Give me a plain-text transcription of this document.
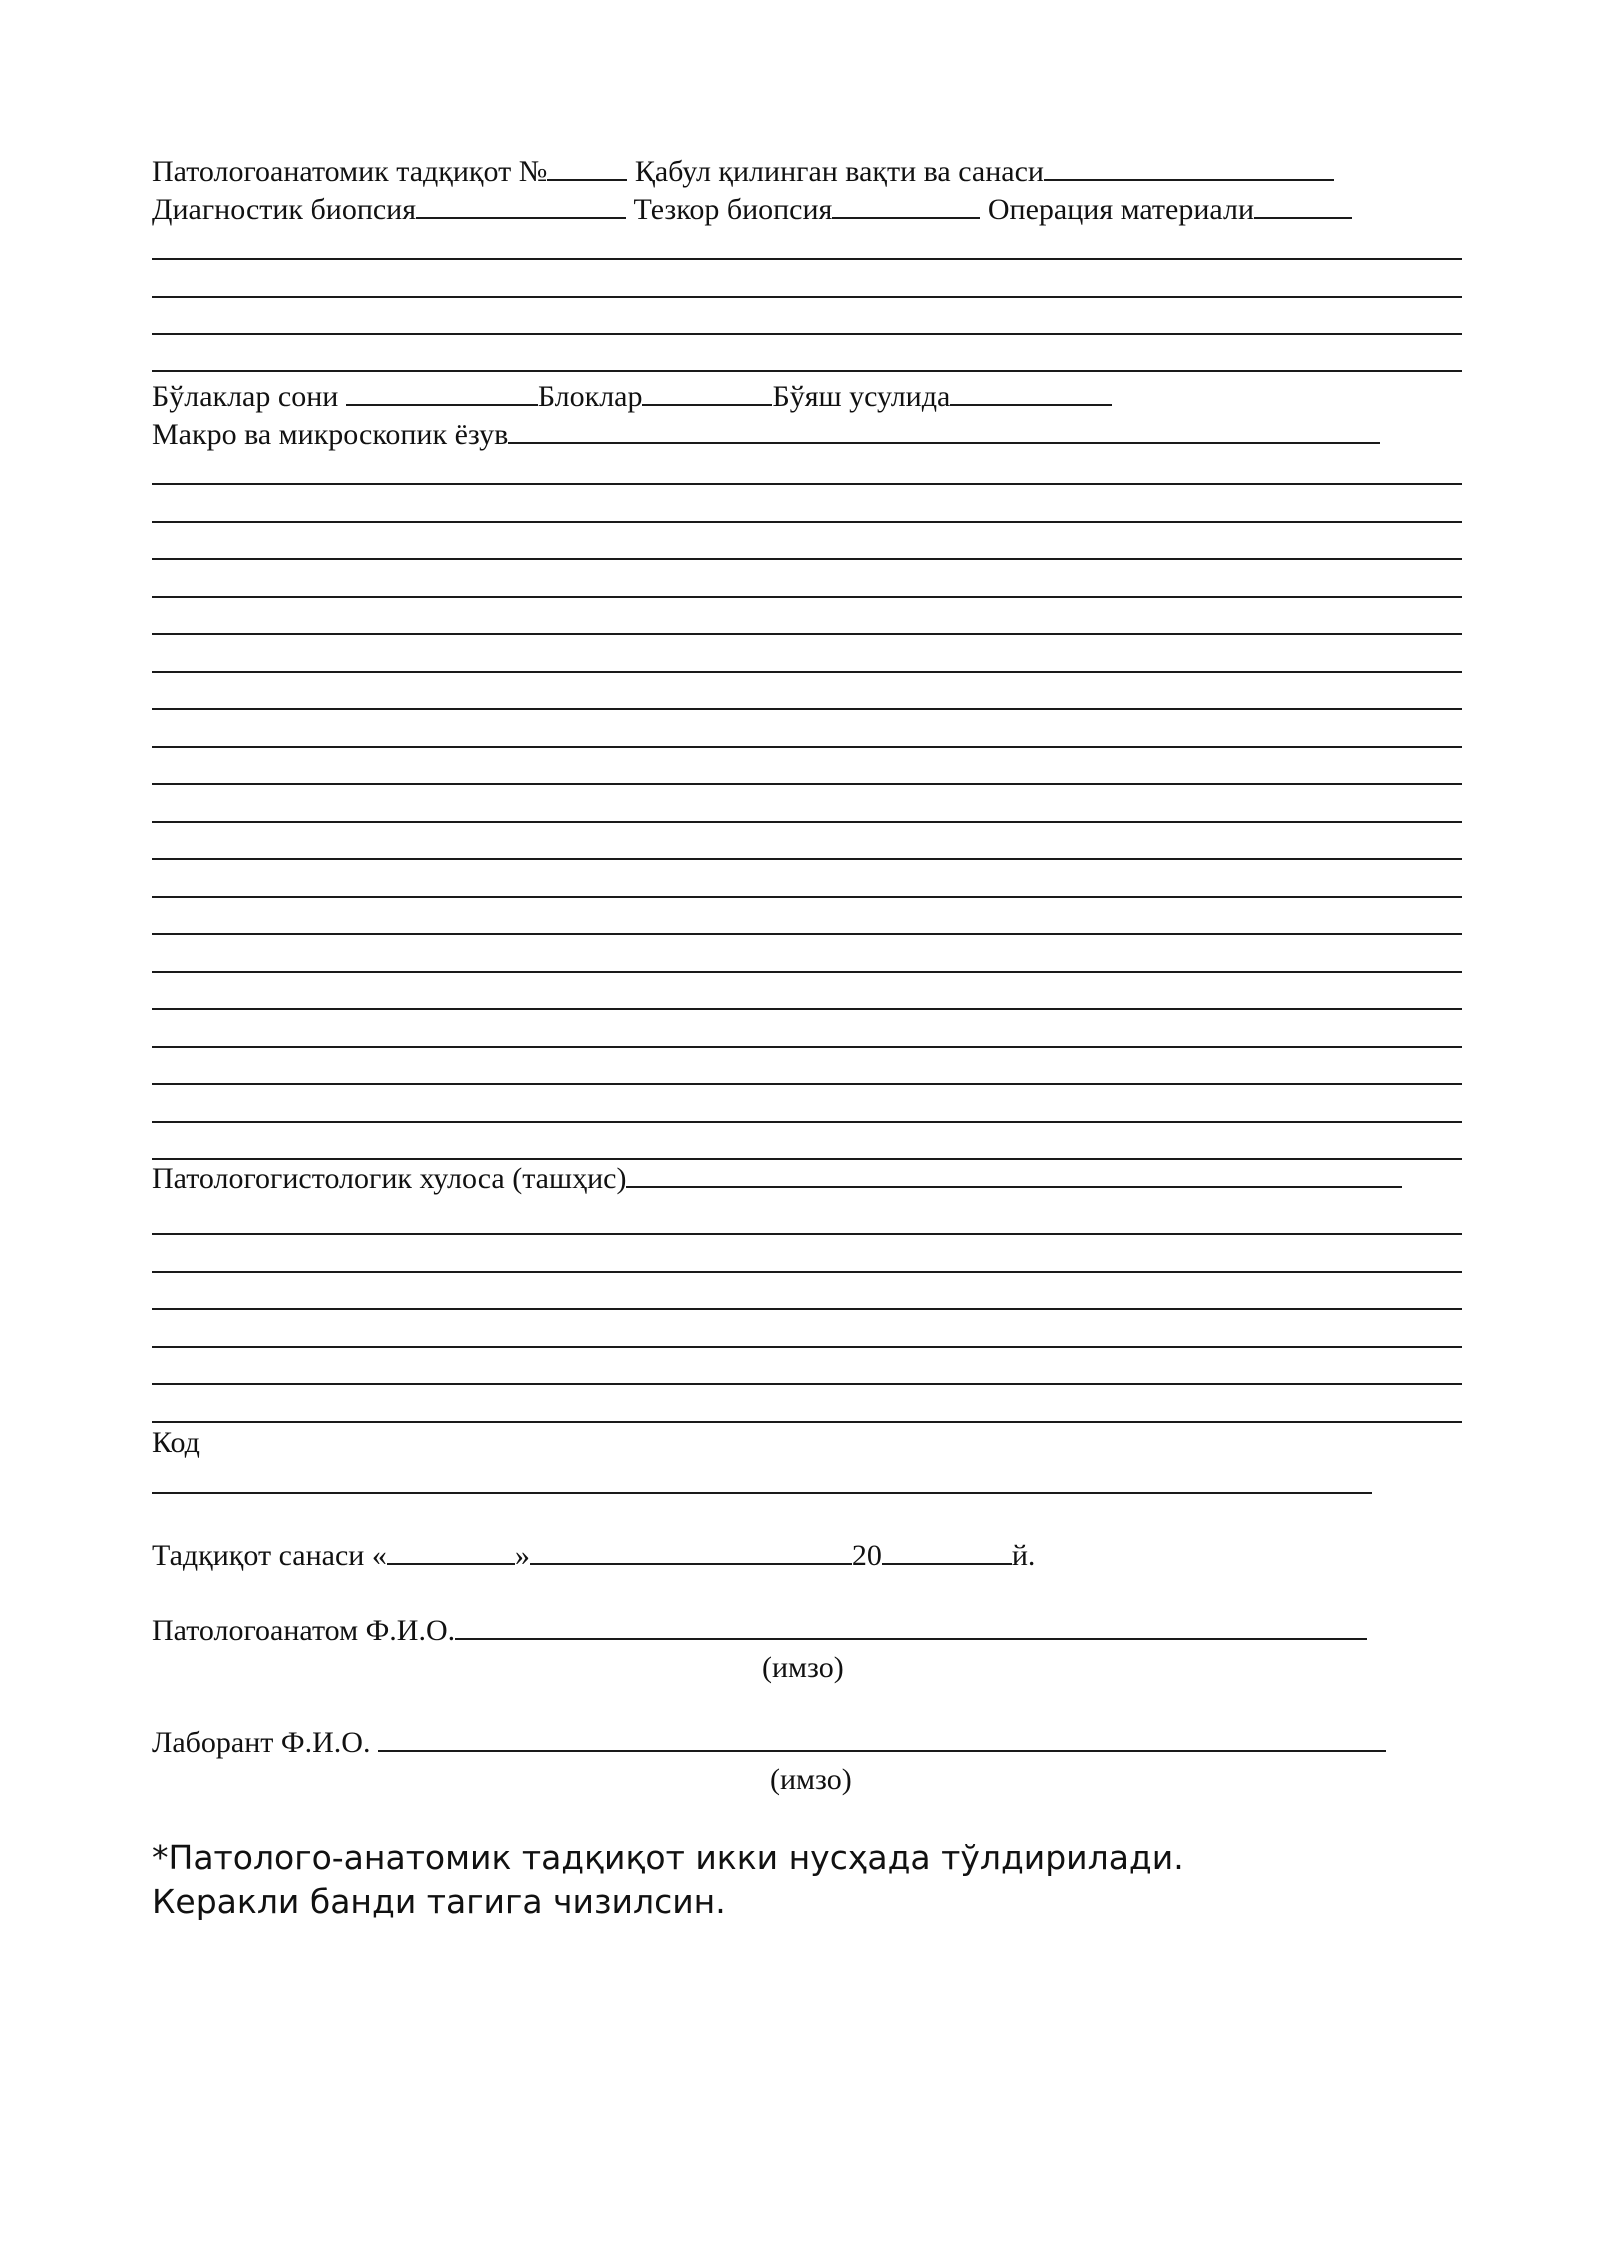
Патологоанатомик тадқиқот №	Қабул қилинган вақти ва санаси
Диагностик биопсия	Тезкор биопсия	Операция материали
Бўлаклар сони	Блоклар	Бўяш усулида
Макро ва микроскопик ёзув
Патологогистологик хулоса (ташҳис)
Код
Тадқиқот санаси «	»	20	й.
Патологоанатом Ф.И.О.
(имзо)
Лаборант Ф.И.О.
(имзо)
*Патолого-анатомик тадқиқот икки нусҳада тўлдирилади.
Керакли банди тагига чизилсин.
